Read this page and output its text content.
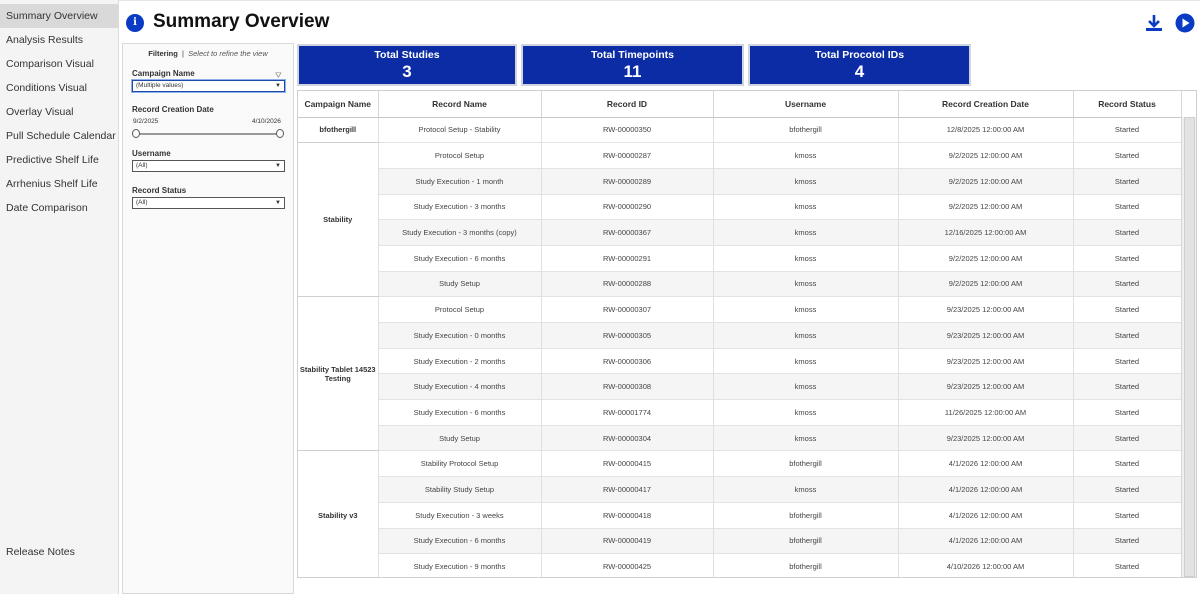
Summary Overview
Analysis Results
Comparison Visual
Conditions Visual
Overlay Visual
Pull Schedule Calendar
Predictive Shelf Life
Arrhenius Shelf Life
Date Comparison
Release Notes
i Summary Overview
Filtering  |  Select to refine the view
Campaign Name	⛛
(Multiple values)	▼
Record Creation Date
9/2/2025	4/10/2026
Username
(All)	▼
Record Status
(All)	▼
Total Studies
3
Total Timepoints
11
Total Procotol IDs
4
Campaign Name	Record Name	Record ID	Username	Record Creation Date	Record Status
bfothergill	Protocol Setup - Stability	RW-00000350	bfothergill	12/8/2025 12:00:00 AM	Started
Stability	Protocol Setup	RW-00000287	kmoss	9/2/2025 12:00:00 AM	Started
	Study Execution - 1 month	RW-00000289	kmoss	9/2/2025 12:00:00 AM	Started
	Study Execution - 3 months	RW-00000290	kmoss	9/2/2025 12:00:00 AM	Started
	Study Execution - 3 months (copy)	RW-00000367	kmoss	12/16/2025 12:00:00 AM	Started
	Study Execution - 6 months	RW-00000291	kmoss	9/2/2025 12:00:00 AM	Started
	Study Setup	RW-00000288	kmoss	9/2/2025 12:00:00 AM	Started
Stability Tablet 14523 Testing	Protocol Setup	RW-00000307	kmoss	9/23/2025 12:00:00 AM	Started
	Study Execution - 0 months	RW-00000305	kmoss	9/23/2025 12:00:00 AM	Started
	Study Execution - 2 months	RW-00000306	kmoss	9/23/2025 12:00:00 AM	Started
	Study Execution - 4 months	RW-00000308	kmoss	9/23/2025 12:00:00 AM	Started
	Study Execution - 6 months	RW-00001774	kmoss	11/26/2025 12:00:00 AM	Started
	Study Setup	RW-00000304	kmoss	9/23/2025 12:00:00 AM	Started
Stability v3	Stability Protocol Setup	RW-00000415	bfothergill	4/1/2026 12:00:00 AM	Started
	Stability Study Setup	RW-00000417	kmoss	4/1/2026 12:00:00 AM	Started
	Study Execution - 3 weeks	RW-00000418	bfothergill	4/1/2026 12:00:00 AM	Started
	Study Execution - 6 months	RW-00000419	bfothergill	4/1/2026 12:00:00 AM	Started
	Study Execution - 9 months	RW-00000425	bfothergill	4/10/2026 12:00:00 AM	Started
